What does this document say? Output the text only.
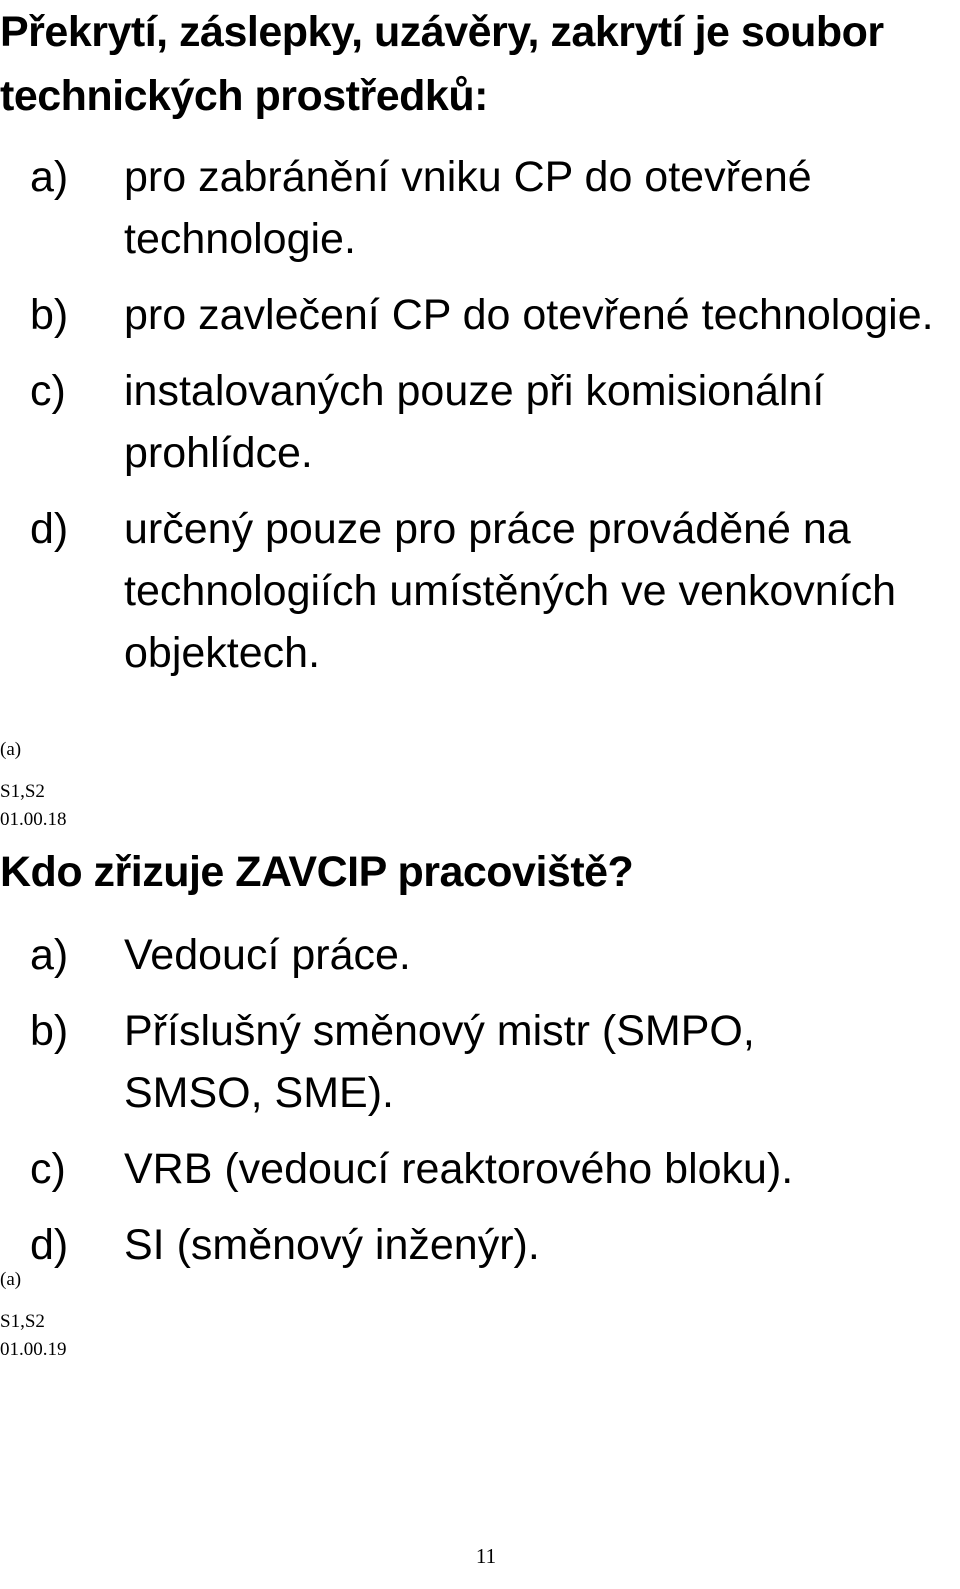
Překrytí, záslepky, uzávěry, zakrytí je soubor technických prostředků:
a) pro zabránění vniku CP do otevřené technologie.
b) pro zavlečení CP do otevřené technologie.
c) instalovaných pouze při komisionální prohlídce.
d) určený pouze pro práce prováděné na technologiích umístěných ve venkovních objektech.
(a)
S1,S2
01.00.18
Kdo zřizuje ZAVCIP pracoviště?
a) Vedoucí práce.
b) Příslušný směnový mistr (SMPO, SMSO, SME).
c) VRB (vedoucí reaktorového bloku).
d) SI (směnový inženýr).
(a)
S1,S2
01.00.19
11
